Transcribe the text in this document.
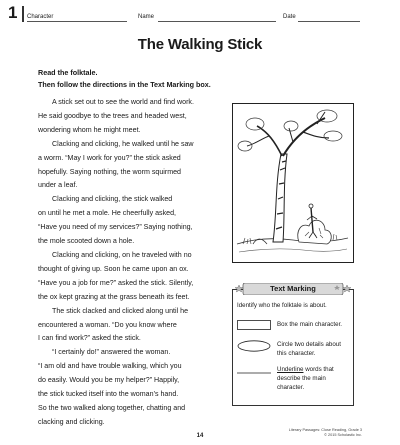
1 Character	Name	Date
The Walking Stick
Read the folktale.
Then follow the directions in the Text Marking box.

A stick set out to see the world and find work.

He said goodbye to the trees and headed west,

wondering whom he might meet.

Clacking and clicking, he walked until he saw

a worm. “May I work for you?” the stick asked

hopefully. Saying nothing, the worm squirmed

under a leaf.

Clacking and clicking, the stick walked

on until he met a mole. He cheerfully asked,

“Have you need of my services?” Saying nothing,

the mole scooted down a hole.

Clacking and clicking, on he traveled with no

thought of giving up. Soon he came upon an ox.

“Have you a job for me?” asked the stick. Silently,

the ox kept grazing at the grass beneath its feet.

The stick clacked and clicked along until he

encountered a woman. “Do you know where

I can find work?” asked the stick.

“I certainly do!” answered the woman.

“I am old and have trouble walking, which you

do easily. Would you be my helper?” Happily,

the stick tucked itself into the woman’s hand.

So the two walked along together, chatting and

clacking and clicking.

Text Marking
Identify who the folktale is about.
Box the main character.
Circle two details about
this character.
Underline words that
describe the main
character.
14
Literary Passages: Close Reading, Grade 3
© 2015 Scholastic Inc.
